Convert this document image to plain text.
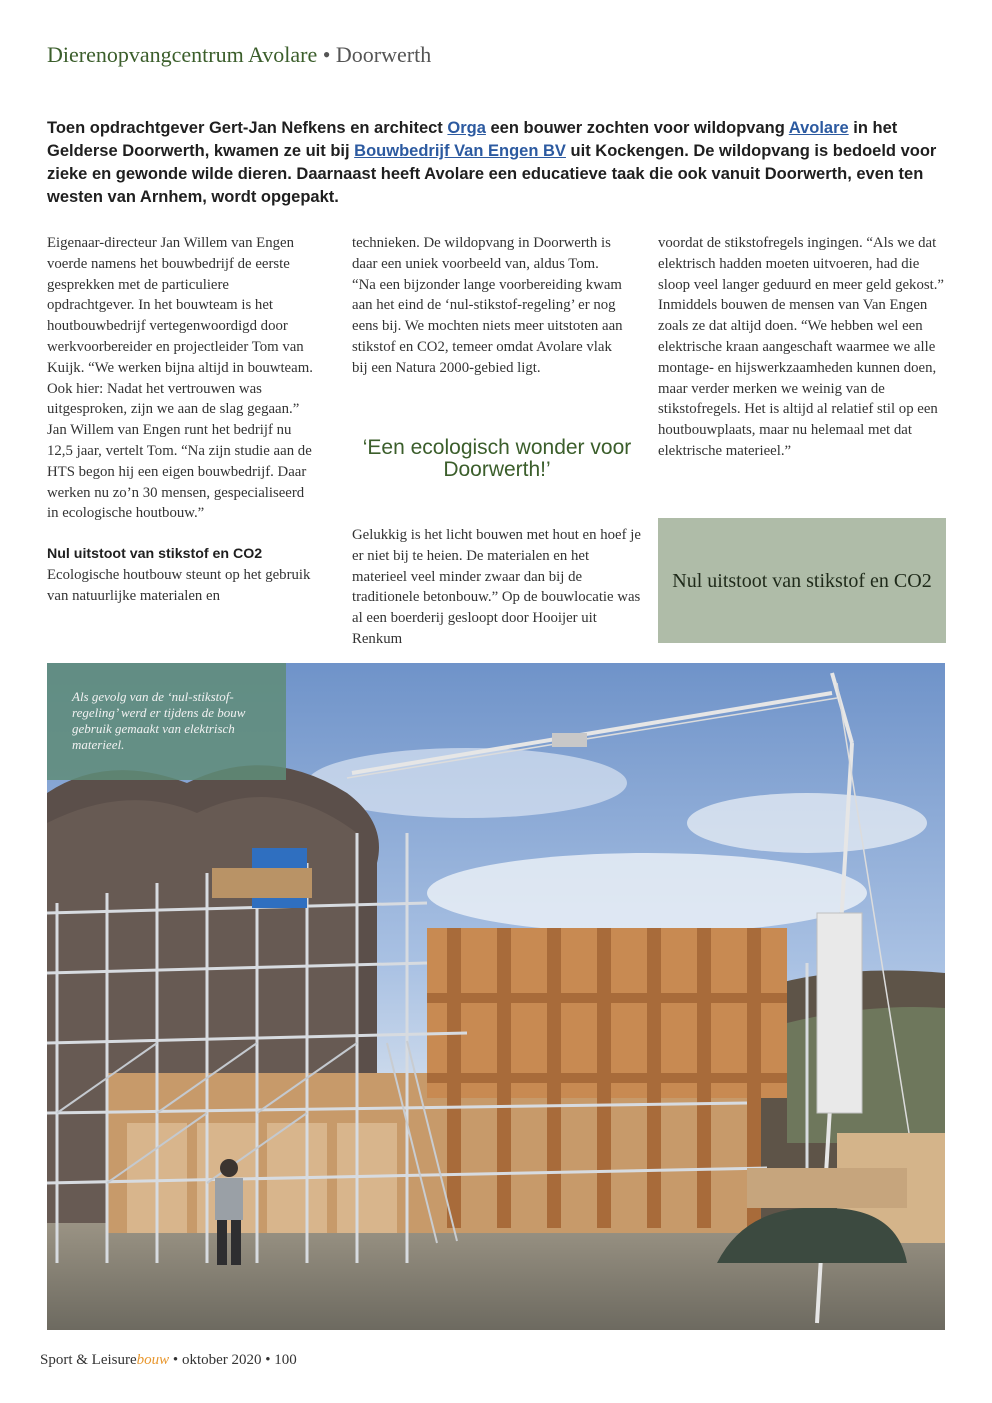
Dierenopvangcentrum Avolare • Doorwerth
Toen opdrachtgever Gert-Jan Nefkens en architect Orga een bouwer zochten voor wildopvang Avolare in het Gelderse Doorwerth, kwamen ze uit bij Bouwbedrijf Van Engen BV uit Kockengen. De wildopvang is bedoeld voor zieke en gewonde wilde dieren. Daarnaast heeft Avolare een educatieve taak die ook vanuit Doorwerth, even ten westen van Arnhem, wordt opgepakt.

Eigenaar-directeur Jan Willem van Engen voerde namens het bouwbedrijf de eerste gesprekken met de particuliere opdrachtgever. In het bouwteam is het houtbouwbedrijf vertegenwoordigd door werkvoorbereider en projectleider Tom van Kuijk. “We werken bijna altijd in bouwteam. Ook hier: Nadat het vertrouwen was uitgesproken, zijn we aan de slag gegaan.” Jan Willem van Engen runt het bedrijf nu 12,5 jaar, vertelt Tom. “Na zijn studie aan de HTS begon hij een eigen bouwbedrijf. Daar werken nu zo’n 30 mensen, gespecialiseerd in ecologische houtbouw.”

Nul uitstoot van stikstof en CO2

Ecologische houtbouw steunt op het gebruik van natuurlijke materialen en

technieken. De wildopvang in Doorwerth is daar een uniek voorbeeld van, aldus Tom. “Na een bijzonder lange voorbereiding kwam aan het eind de ‘nul-stikstof-regeling’ er nog eens bij. We mochten niets meer uitstoten aan stikstof en CO2, temeer omdat Avolare vlak bij een Natura 2000-gebied ligt.

‘Een ecologisch wonder voor Doorwerth!’

Gelukkig is het licht bouwen met hout en hoef je er niet bij te heien. De materialen en het materieel veel minder zwaar dan bij de traditionele betonbouw.” Op de bouwlocatie was al een boerderij gesloopt door Hooijer uit Renkum

voordat de stikstofregels ingingen. “Als we dat elektrisch hadden moeten uitvoeren, had die sloop veel langer geduurd en meer geld gekost.” Inmiddels bouwen de mensen van Van Engen zoals ze dat altijd doen. “We hebben wel een elektrische kraan aangeschaft waarmee we alle montage- en hijswerkzaamheden kunnen doen, maar verder merken we weinig van de stikstofregels. Het is altijd al relatief stil op een houtbouwplaats, maar nu helemaal met dat elektrische materieel.”

Nul uitstoot van stikstof en CO2
Als gevolg van de ‘nul-stikstof-regeling’ werd er tijdens de bouw gebruik gemaakt van elektrisch materieel.
Sport & Leisurebouw • oktober 2020 • 100
